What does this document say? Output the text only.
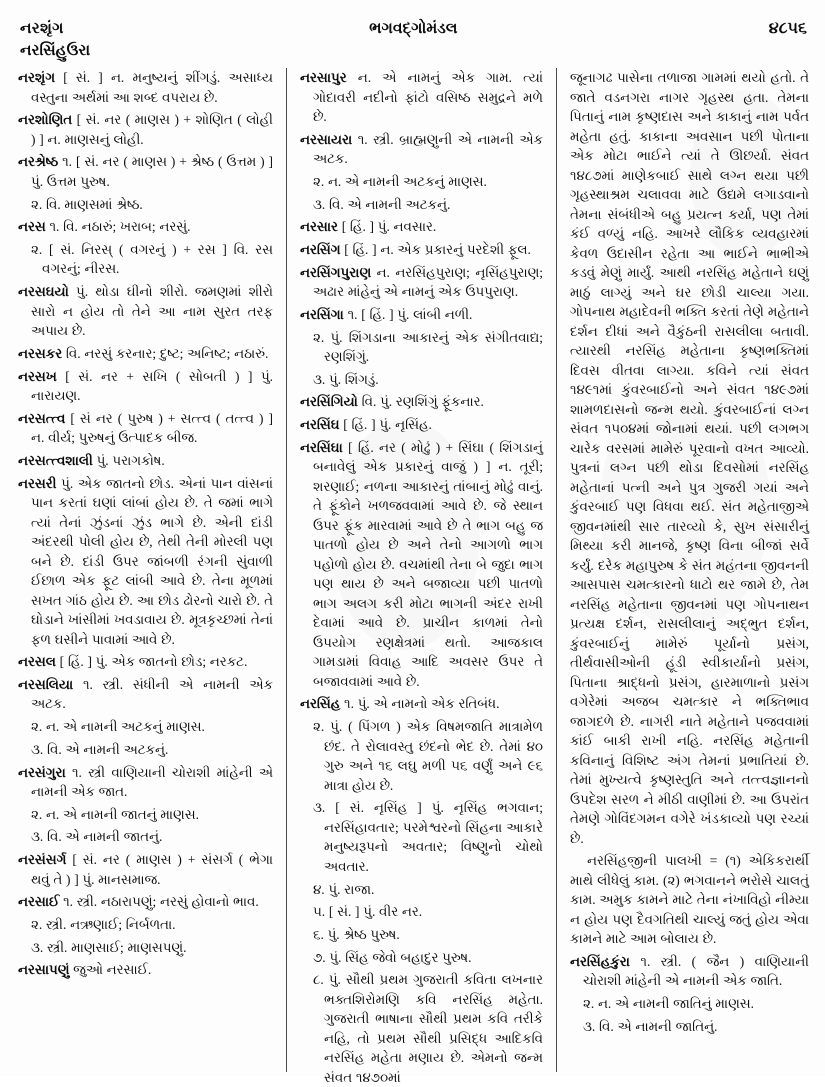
નરશૃંગ	ભગવદ્ગોમંડલ	૪૮૫૬
નરસિંહુઉરા

નરશૃંગ [ સં. ] ન. મનુષ્યનું શીંગડું. અસાધ્ય વસ્તુના અર્થમાં આ શબ્દ વપરાય છે.

નરશોણિત [ સં. નર ( માણસ ) + શોણિત ( લોહી ) ] ન. માણસનું લોહી.

નરશ્રેષ્ઠ ૧. [ સં. નર ( માણસ ) + શ્રેષ્ઠ ( ઉત્તમ ) ] પું. ઉત્તમ પુરુષ.

૨. વિ. માણસમાં શ્રેષ્ઠ.

નરસ ૧. વિ. નઠારું; ખરાબ; નરસું.

૨. [ સં. નિરસ્ ( વગરનું ) + રસ ] વિ. રસ વગરનું; નીરસ.

નરસઘયો પું. થોડા ઘીનો શીરો. જમણમાં શીરો સારો ન હોય તો તેને આ નામ સુરત તરફ અપાય છે.

નરસકર વિ. નરસું કરનાર; દુષ્ટ; અનિષ્ટ; નઠારું.

નરસખ [ સં. નર + સખિ ( સોબતી ) ] પું. નારાયણ.

નરસત્ત્વ [ સં નર ( પુરુષ ) + સત્ત્વ ( તત્ત્વ ) ] ન. વીર્ય; પુરુષનું ઉત્પાદક બીજ.

નરસત્ત્વશાલી પું. પરાગકોષ.

નરસરી પું. એક જાતનો છોડ. એનાં પાન વાંસનાં પાન કરતાં ઘણાં લાંબાં હોય છે. તે જમાં ભાગે ત્યાં તેનાં ઝુંડનાં ઝુંડ ભાગે છે. એની દાંડી અંદરથી પોલી હોય છે, તેથી તેની મોરલી પણ બને છે. દાંડી ઉપર જાંબળી રંગની સુંવાળી ઈછાળ એક ફૂટ લાંબી આવે છે. તેના મૂળમાં સખત ગાંઠ હોય છે. આ છોડ ઢોરનો ચારો છે. તે ઘોડાને ખાંસીમાં ખવડાવાય છે. મૂત્રકૃચ્છમાં તેનાં ફળ ઘસીને પાવામાં આવે છે.

નરસલ [ હિં. ] પું. એક જાતનો છોડ; નરકટ.

નરસલિયા ૧. સ્ત્રી. સંધીની એ નામની એક અટક.

૨. ન. એ નામની અટકનું માણસ.

૩. વિ. એ નામની અટકનું.

નરસંગુરા ૧. સ્ત્રી વાણિયાની ચોરાશી માંહેની એ નામની એક જાત.

૨. ન. એ નામની જાતનું માણસ.

૩. વિ. એ નામની જાતનું.

નરસંસર્ગ [ સં. નર ( માણસ ) + સંસર્ગ ( ભેગા થવું તે ) ] પું. માનસમાજ.

નરસાઈ ૧. સ્ત્રી. નઠારાપણું; નરસું હોવાનો ભાવ.

૨. સ્ત્રી. નઋણાઈ; નિર્બળતા.

૩. સ્ત્રી. માણસાઈ; માણસપણું.

નરસાપણું જુઓ નરસાઈ.

નરસાપુર ન. એ નામનું એક ગામ. ત્યાં ગોદાવરી નદીનો ફાંટો વસિષ્ઠ સમુદ્રને મળે છે.

નરસાયરા ૧. સ્ત્રી. બ્રાહ્મણુની એ નામની એક અટક.

૨. ન. એ નામની અટકનું માણસ.

૩. વિ. એ નામની અટકનું.

નરસાર [ હિં. ] પું. નવસાર.

નરસિંગ [ હિં. ] ન. એક પ્રકારનું પરદેશી ફૂલ.

નરસિંગપુરાણ ન. નરસિંહપુરાણ; નૃસિંહપુરાણ; અઢાર માંહેનું એ નામનું એક ઉપપુરાણ.

નરસિંગા ૧. [ હિં. ] પું. લાંબી નળી.

૨. પું. શિંગડાના આકારનું એક સંગીતવાદ્ય; રણશિંગું.

૩. પું. શિંગડું.

નરસિંગિયો વિ. પું. રણશિંગું ફૂંકનાર.

નરસિંઘ [ હિં. ] પું. નૃસિંહ.

નરસિંઘા [ હિં. નર ( મોઢું ) + સિંઘા ( શિંગડાનું બનાવેલું એક પ્રકારનું વાજું ) ] ન. તૂરી; શરણાઈ; નળના આકારનું તાંબાનું મોઢું વાનું. તે ફૂંકોને ખળજવવામાં આવે છે. જે સ્થાન ઉપર ફૂંક મારવામાં આવે છે તે ભાગ બહુ જ પાતળો હોય છે અને તેનો આગળો ભાગ પહોળો હોય છે. વચમાંથી તેના બે જુદા ભાગ પણ થાય છે અને બજાવ્યા પછી પાતળો ભાગ અલગ કરી મોટા ભાગની અંદર રાખી દેવામાં આવે છે. પ્રાચીન કાળમાં તેનો ઉપયોગ રણક્ષેત્રમાં થતો. આજકાલ ગામડામાં વિવાહ આદિ અવસર ઉપર તે બજાવવામાં આવે છે.

નરસિંહ ૧. પું. એ નામનો એક રતિબંધ.

૨. પું. ( પિંગળ ) એક વિષમજાતિ માત્રામેળ છંદ. તે રોલાવસ્તુ છંદનો ભેદ છે. તેમાં ૪૦ ગુરુ અને ૧૬ લઘુ મળી ૫૬ વર્ણું અને ૯૬ માત્રા હોય છે.

૩. [ સં. નૃસિંહ ] પું. નૃસિંહ ભગવાન; નરસિંહાવતાર; પરમેશ્વરનો સિંહના આકારે મનુષ્યરૂપનો અવતાર; વિષ્ણુનો ચોથો અવતાર.

૪. પું. રાજા.

૫. [ સં. ] પું. વીર નર.

૬. પું. શ્રેષ્ઠ પુરુષ.

૭. પું. સિંહ જેવો બહાદુર પુરુષ.

૮. પું. સૌથી પ્રથમ ગુજરાતી કવિતા લખનાર ભક્તશિરોમણિ કવિ નરસિંહ મહેતા. ગુજરાતી ભાષાના સૌથી પ્રથમ કવિ તરીકે નહિ, તો પ્રથમ સૌથી પ્રસિદ્ધ આદિકવિ નરસિંહ મહેતા મણાય છે. એમનો જન્મ સંવત ૧૪૭૦માં

જૂનાગઢ પાસેના તળાજા ગામમાં થયો હતો. તે જાતે વડનગરા નાગર ગૃહસ્થ હતા. તેમના પિતાનું નામ કૃષ્ણદાસ અને કાકાનું નામ પર્વત મહેતા હતું. કાકાના અવસાન પછી પોતાના એક મોટા ભાઈને ત્યાં તે ઊછર્યા. સંવત ૧૪૮૭માં માણેકબાઈ સાથે લગ્ન થયા પછી ગૃહસ્થાશ્રમ ચલાવવા માટે ઉદ્યમે લગાડવાનો તેમના સંબંધીએ બહુ પ્રયત્ન કર્યા, પણ તેમાં કંઈ વળ્યું નહિ. આખરે લૌકિક વ્યવહારમાં કેવળ ઉદાસીન રહેતા આ ભાઈને ભાભીએ કડવું મેણું માર્યું. આથી નરસિંહ મહેતાને ઘણું માઠું લાગ્યું અને ઘર છોડી ચાલ્યા ગયા. ગોપનાથ મહાદેવની ભક્તિ કરતાં તેણે મહેતાને દર્શન દીધાં અને વૈકુંઠની રાસલીલા બતાવી. ત્યારથી નરસિંહ મહેતાના કૃષ્ણભક્તિમાં દિવસ વીતવા લાગ્યા. કવિને ત્યાં સંવત ૧૪૯૧માં કુંવરબાઈનો અને સંવત ૧૪૯૭માં શામળદાસનો જન્મ થયો. કુંવરબાઈનાં લગ્ન સંવત ૧૫૦૪માં જોનામાં થયાં. પછી લગભગ ચારેક વરસમાં મામેરું પૂરવાનો વખત આવ્યો. પુત્રનાં લગ્ન પછી થોડા દિવસોમાં નરસિંહ મહેતાનાં પત્ની અને પુત્ર ગુજરી ગયાં અને કુંવરબાઈ પણ વિધવા થઈ. સંત મહેતાજીએ જીવનમાંથી સાર તારવ્યો કે, સુખ સંસારીનું મિથ્યા કરી માનજે, કૃષ્ણ વિના બીજાં સર્વે કર્યું. દરેક મહાપુરુષ કે સંત મહંતના જીવનની આસપાસ ચમત્કારનો ધાટો થર જામે છે, તેમ નરસિંહ મહેતાના જીવનમાં પણ ગોપનાથન પ્રત્યક્ષ દર્શન, રાસલીલાનું અદ્‌ભુત દર્શન, કુંવરબાઈનું મામેરું પૂર્યાનો પ્રસંગ, તીર્થવાસીઓની હૂંડી સ્વીકાર્યાનો પ્રસંગ, પિતાના શ્રાદ્ધનો પ્રસંગ, હારમાળાનો પ્રસંગ વગેરેમાં અજબ ચમત્કાર ને ભક્તિભાવ જાગદળે છે. નાગરી નાતે મહેતાને પજવવામાં કાંઈ બાકી રાખી નહિ. નરસિંહ મહેતાની કવિનાનું વિશિષ્ટ અંગ તેમનાં પ્રભાતિયાં છે. તેમાં મુખ્યત્વે કૃષ્ણસ્તુતિ અને તત્ત્વજ્ઞાનનો ઉપદેશ સરળ ને મીઠી વાણીમાં છે. આ ઉપરાંત તેમણે ગોવિંદગમન વગેરે ખંડકાવ્યો પણ રચ્યાં છે.

નરસિંહજીની પાલખી = (૧) એકિકરાર્થી માથે લીધેલું કામ. (૨) ભગવાનને ભરોસે ચાલતું કામ. અમુક કામને માટે તેના નંખાવિહો નીમ્યા ન હોય પણ દૈવગતિથી ચાલ્યું જતું હોય એવા કામને માટે આમ બોલાય છે.

નરસિંહકુંરા ૧. સ્ત્રી. ( જૈન ) વાણિયાની ચોરાશી માંહેની એ નામની એક જાતિ.

૨. ન. એ નામની જાતિનું માણસ.

૩. વિ. એ નામની જાતિનું.
